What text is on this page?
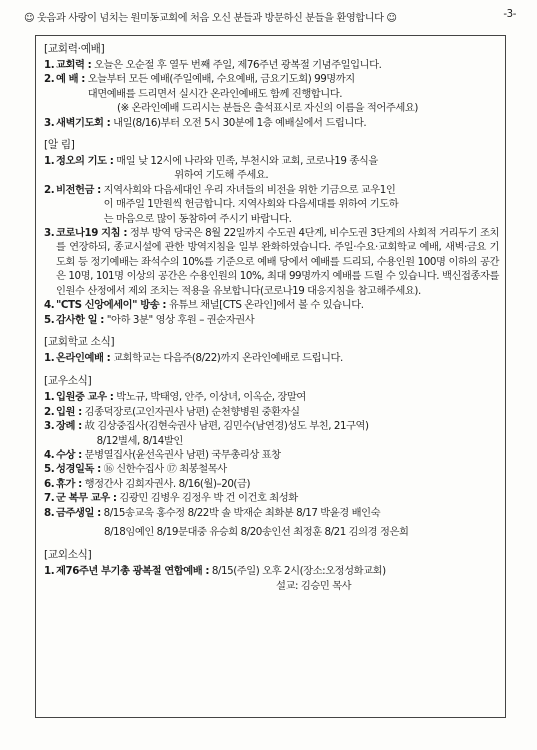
☺ 웃음과 사랑이 넘치는 원미동교회에 처음 오신 분들과 방문하신 분들을 환영합니다 ☺	-3-
[교회력·예배]
1. 교회력 : 오늘은 오순절 후 열두 번째 주일, 제76주년 광복절 기념주일입니다.
2. 예 배 :
오늘부터 모든 예배(주일예배, 수요예배, 금요기도회) 99명까지
대면예배를 드리면서 실시간 온라인예배도 함께 진행합니다.
(※ 온라인예배 드리시는 분들은 출석표시로 자신의 이름을 적어주세요)
3. 새벽기도회 : 내일(8/16)부터 오전 5시 30분에 1층 예배실에서 드립니다.
[알 림]
1. 정오의 기도 :
매일 낮 12시에 나라와 민족, 부천시와 교회, 코로나19 종식을
위하여 기도해 주세요.
2. 비전헌금 :
지역사회와 다음세대인 우리 자녀들의 비전을 위한 기금으로 교우1인
이 매주일 1만원씩 헌금합니다. 지역사회와 다음세대를 위하여 기도하
는 마음으로 많이 동참하여 주시기 바랍니다.
3. 코로나19 지침 : 정부 방역 당국은 8월 22일까지 수도권 4단계, 비수도권 3단계의 사회적 거리두기 조치를 연장하되, 종교시설에 관한 방역지침을 일부 완화하였습니다. 주일·수요·교회학교 예배, 새벽·금요 기도회 등 정기예배는 좌석수의 10%를 기준으로 예배 당에서 예배를 드리되, 수용인원 100명 이하의 공간은 10명, 101명 이상의 공간은 수용인원의 10%, 최대 99명까지 예배를 드릴 수 있습니다. 백신접종자를 인원수 산정에서 제외 조치는 적용을 유보합니다(코로나19 대응지침을 참고해주세요).
4. "CTS 신앙에세이" 방송 : 유튜브 채널[CTS 온라인]에서 볼 수 있습니다.
5. 감사한 일 : "아하 3분" 영상 후원 – 권순자권사
[교회학교 소식]
1. 온라인예배 : 교회학교는 다음주(8/22)까지 온라인예배로 드립니다.
[교우소식]
1. 입원중 교우 : 박노규, 박태영, 안주, 이상녀, 이옥순, 장말여
2. 입원 : 김종덕장로(고인자권사 남편) 순천향병원 중환자실
3. 장례 :
故 김상중집사(김현숙권사 남편, 김민수(남연경)성도 부친, 21구역)
8/12별세, 8/14발인
4. 수상 : 문병열집사(윤선옥권사 남편) 국무총리상 표창
5. 성경일독 : ⑯ 신한수집사 ⑰ 최봉철목사
6. 휴가 : 행정간사 김희자권사. 8/16(월)–20(금)
7. 군 복무 교우 : 김광민 김병우 김정우 박 건 이건호 최성화
8. 금주생일 :
8/15송교욱 홍수정 8/22박 솔 박재순 최화분 8/17 박윤경 배인숙
8/18임예인 8/19문대중 유승희 8/20송인선 최정훈 8/21 김의경 정은희
[교외소식]
1. 제76주년 부기총 광복절 연합예배 : 8/15(주일) 오후 2시(장소:오정성화교회)
설교: 김승민 목사
